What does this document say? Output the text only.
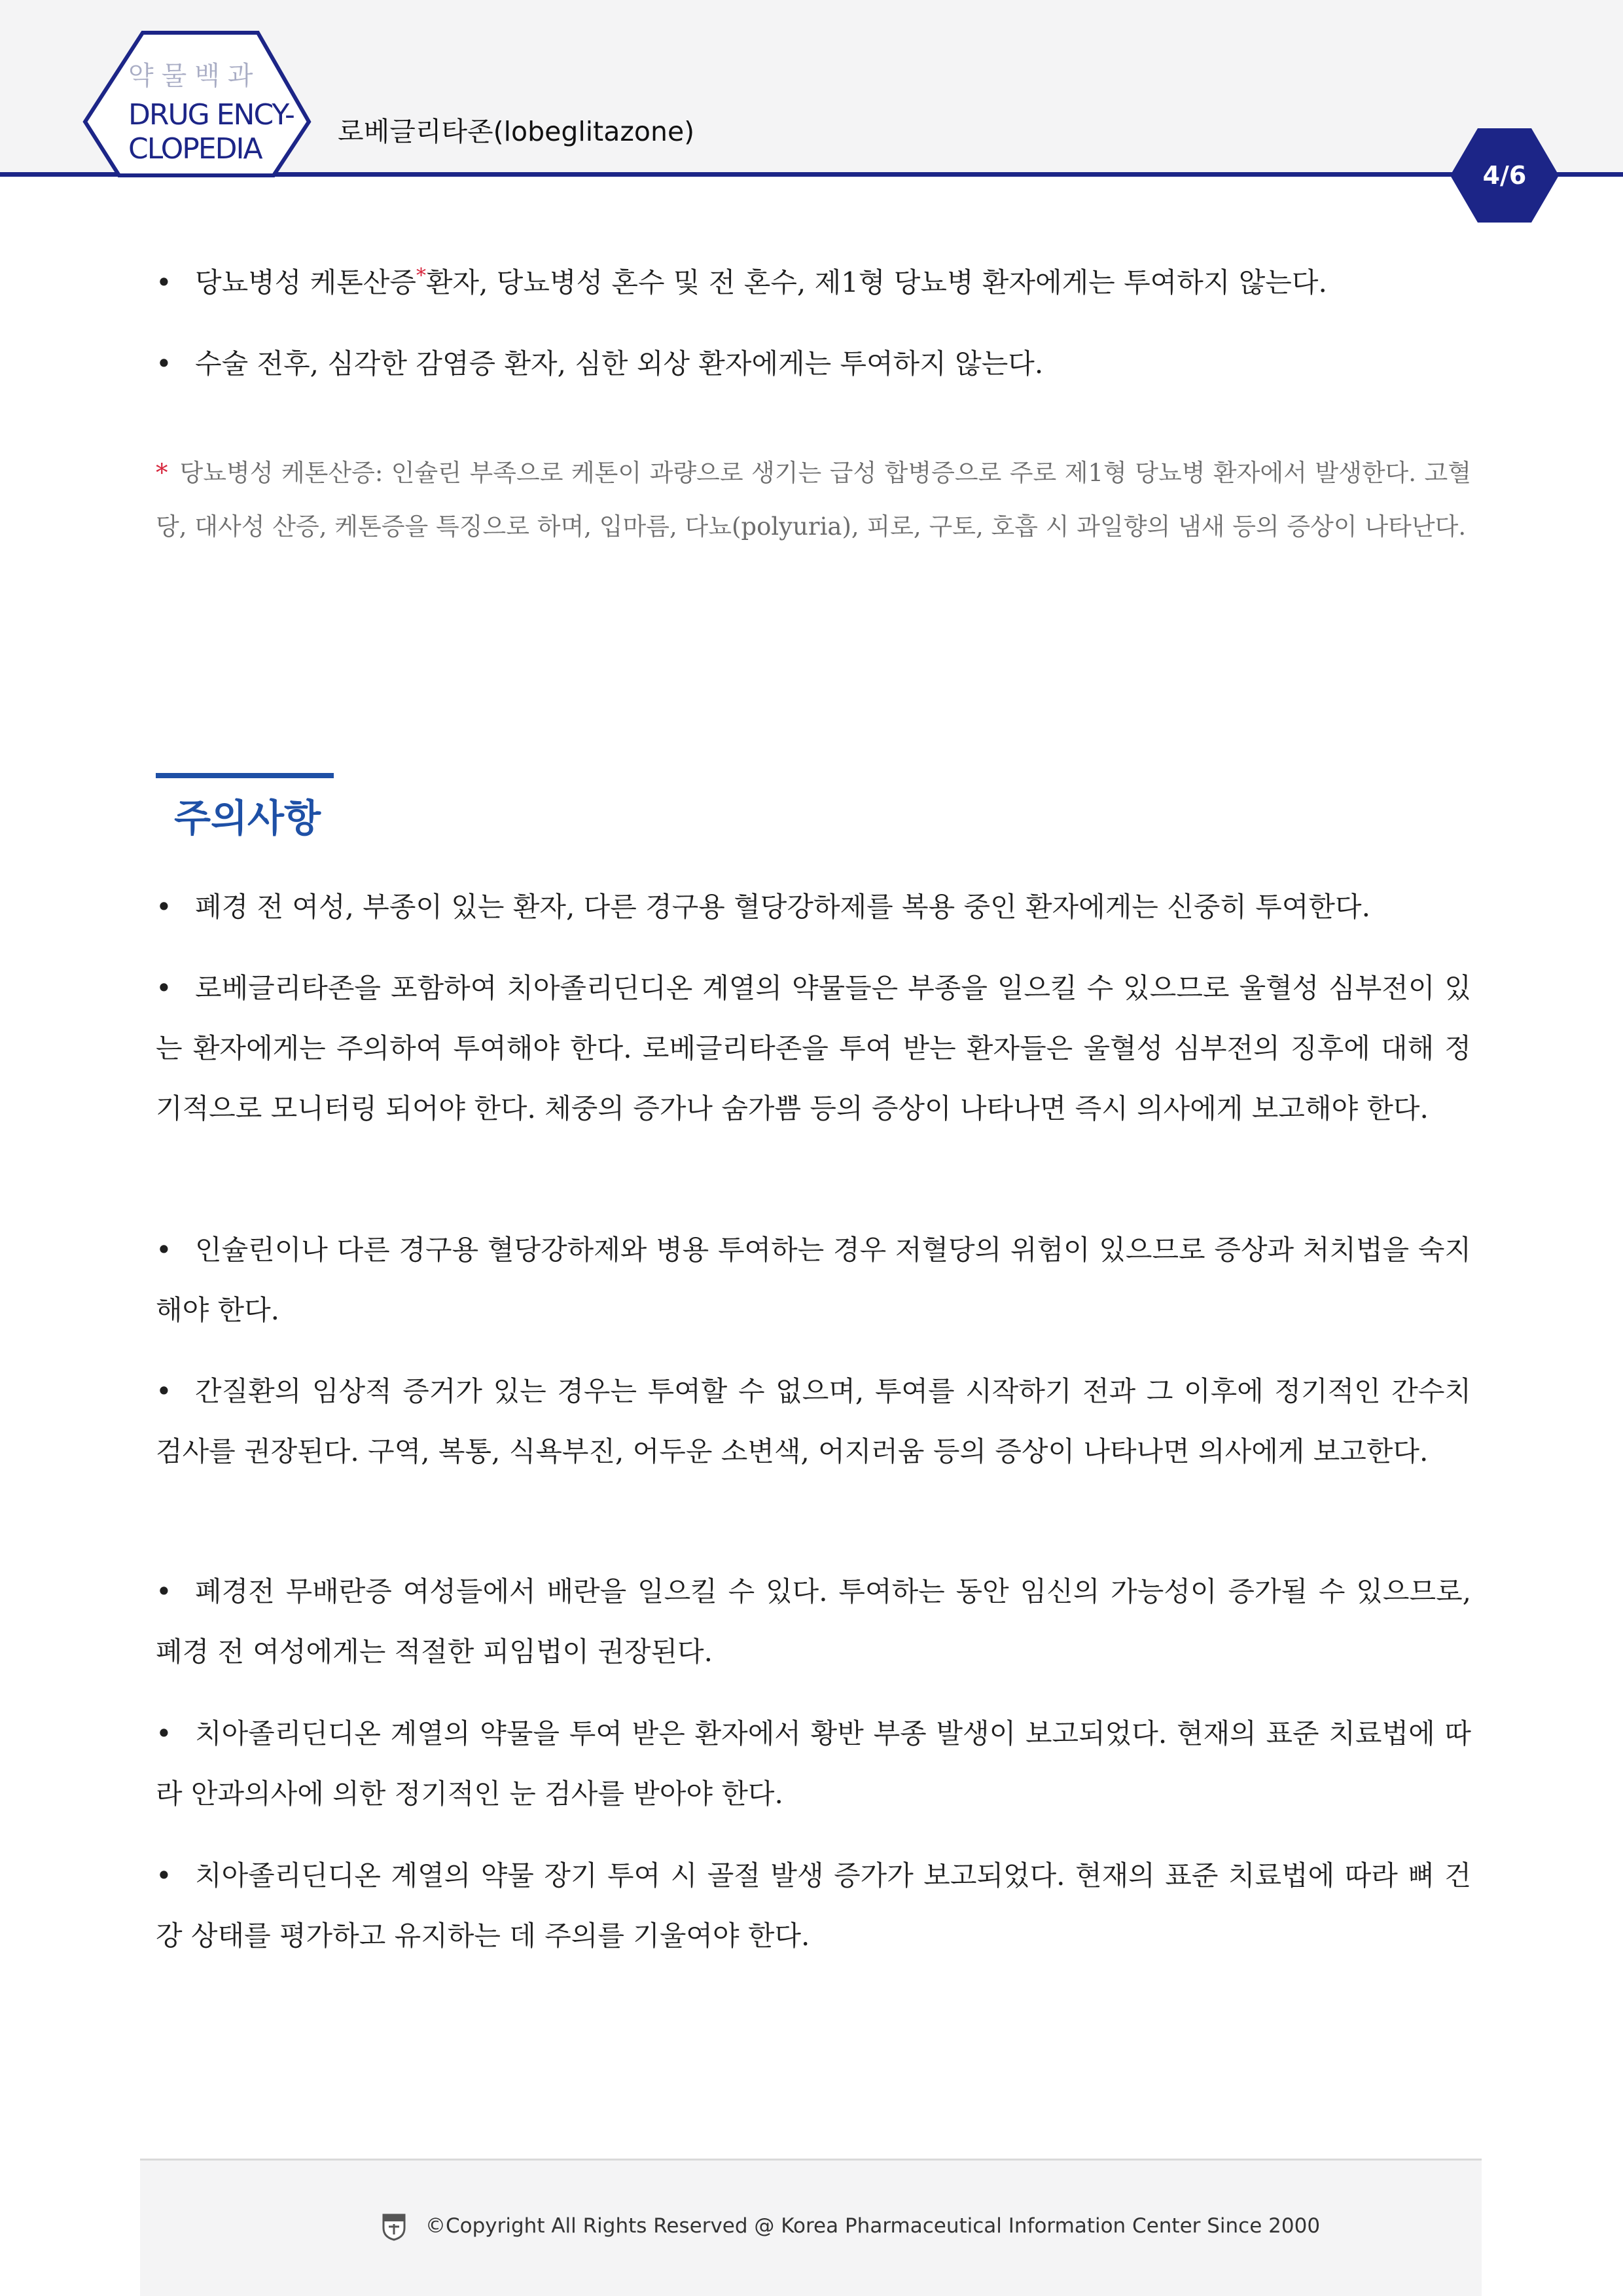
약물백과
DRUG ENCY-
CLOPEDIA
로베글리타존(lobeglitazone)
4/6
• 당뇨병성 케톤산증*환자, 당뇨병성 혼수 및 전 혼수, 제1형 당뇨병 환자에게는 투여하지 않는다.
• 수술 전후, 심각한 감염증 환자, 심한 외상 환자에게는 투여하지 않는다.
* 당뇨병성 케톤산증: 인슐린 부족으로 케톤이 과량으로 생기는 급성 합병증으로 주로 제1형 당뇨병 환자에서 발생한다. 고혈당, 대사성 산증, 케톤증을 특징으로 하며, 입마름, 다뇨(polyuria), 피로, 구토, 호흡 시 과일향의 냄새 등의 증상이 나타난다.
주의사항
• 폐경 전 여성, 부종이 있는 환자, 다른 경구용 혈당강하제를 복용 중인 환자에게는 신중히 투여한다.
• 로베글리타존을 포함하여 치아졸리딘디온 계열의 약물들은 부종을 일으킬 수 있으므로 울혈성 심부전이 있는 환자에게는 주의하여 투여해야 한다. 로베글리타존을 투여 받는 환자들은 울혈성 심부전의 징후에 대해 정기적으로 모니터링 되어야 한다. 체중의 증가나 숨가쁨 등의 증상이 나타나면 즉시 의사에게 보고해야 한다.
• 인슐린이나 다른 경구용 혈당강하제와 병용 투여하는 경우 저혈당의 위험이 있으므로 증상과 처치법을 숙지해야 한다.
• 간질환의 임상적 증거가 있는 경우는 투여할 수 없으며, 투여를 시작하기 전과 그 이후에 정기적인 간수치 검사를 권장된다. 구역, 복통, 식욕부진, 어두운 소변색, 어지러움 등의 증상이 나타나면 의사에게 보고한다.
• 폐경전 무배란증 여성들에서 배란을 일으킬 수 있다. 투여하는 동안 임신의 가능성이 증가될 수 있으므로, 폐경 전 여성에게는 적절한 피임법이 권장된다.
• 치아졸리딘디온 계열의 약물을 투여 받은 환자에서 황반 부종 발생이 보고되었다. 현재의 표준 치료법에 따라 안과의사에 의한 정기적인 눈 검사를 받아야 한다.
• 치아졸리딘디온 계열의 약물 장기 투여 시 골절 발생 증가가 보고되었다. 현재의 표준 치료법에 따라 뼈 건강 상태를 평가하고 유지하는 데 주의를 기울여야 한다.
©Copyright All Rights Reserved @ Korea Pharmaceutical Information Center Since 2000
